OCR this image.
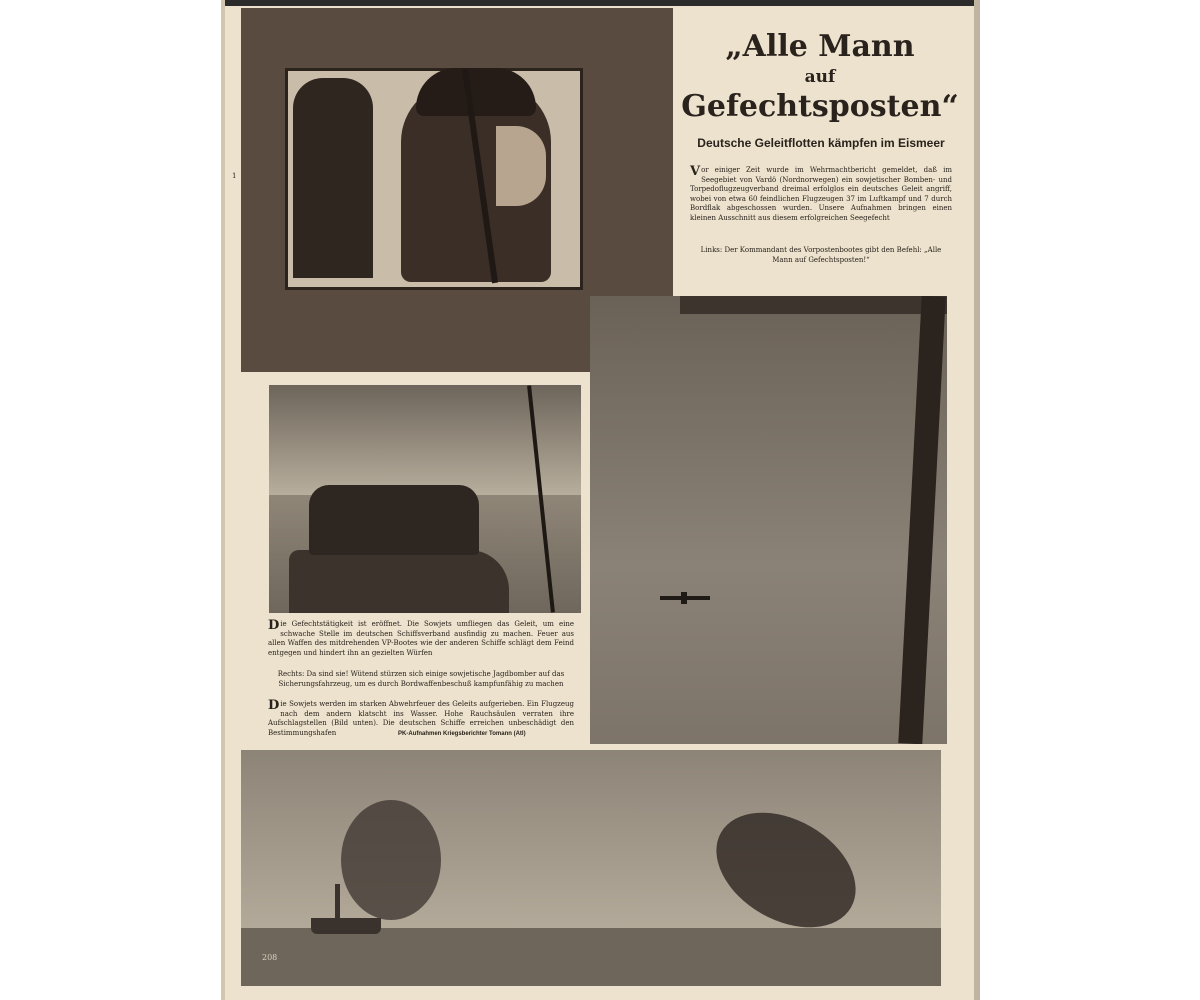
„Alle Mann
auf
Gefechtsposten“
Deutsche Geleitflotten kämpfen im Eismeer
Vor einiger Zeit wurde im Wehrmachtbericht gemeldet, daß im Seegebiet von Vardö (Nordnorwegen) ein sowjetischer Bomben- und Torpedoflugzeugverband dreimal erfolglos ein deutsches Geleit angriff, wobei von etwa 60 feindlichen Flugzeugen 37 im Luftkampf und 7 durch Bordflak abgeschossen wurden. Unsere Aufnahmen bringen einen kleinen Ausschnitt aus diesem erfolgreichen Seegefecht
Links: Der Kommandant des Vorpostenbootes gibt den Befehl: „Alle Mann auf Gefechtsposten!“
1
Die Gefechtstätigkeit ist eröffnet. Die Sowjets umfliegen das Geleit, um eine schwache Stelle im deutschen Schiffsverband ausfindig zu machen. Feuer aus allen Waffen des mitdrehenden VP-Bootes wie der anderen Schiffe schlägt dem Feind entgegen und hindert ihn an gezielten Würfen
Rechts: Da sind sie! Wütend stürzen sich einige sowjetische Jagdbomber auf das Sicherungsfahrzeug, um es durch Bordwaffenbeschuß kampfunfähig zu machen
Die Sowjets werden im starken Abwehrfeuer des Geleits aufgerieben. Ein Flugzeug nach dem andern klatscht ins Wasser. Hohe Rauchsäulen verraten ihre Aufschlagstellen (Bild unten). Die deutschen Schiffe erreichen unbeschädigt den Bestimmungshafen	PK-Aufnahmen Kriegsberichter Tomann (Atl)
208
